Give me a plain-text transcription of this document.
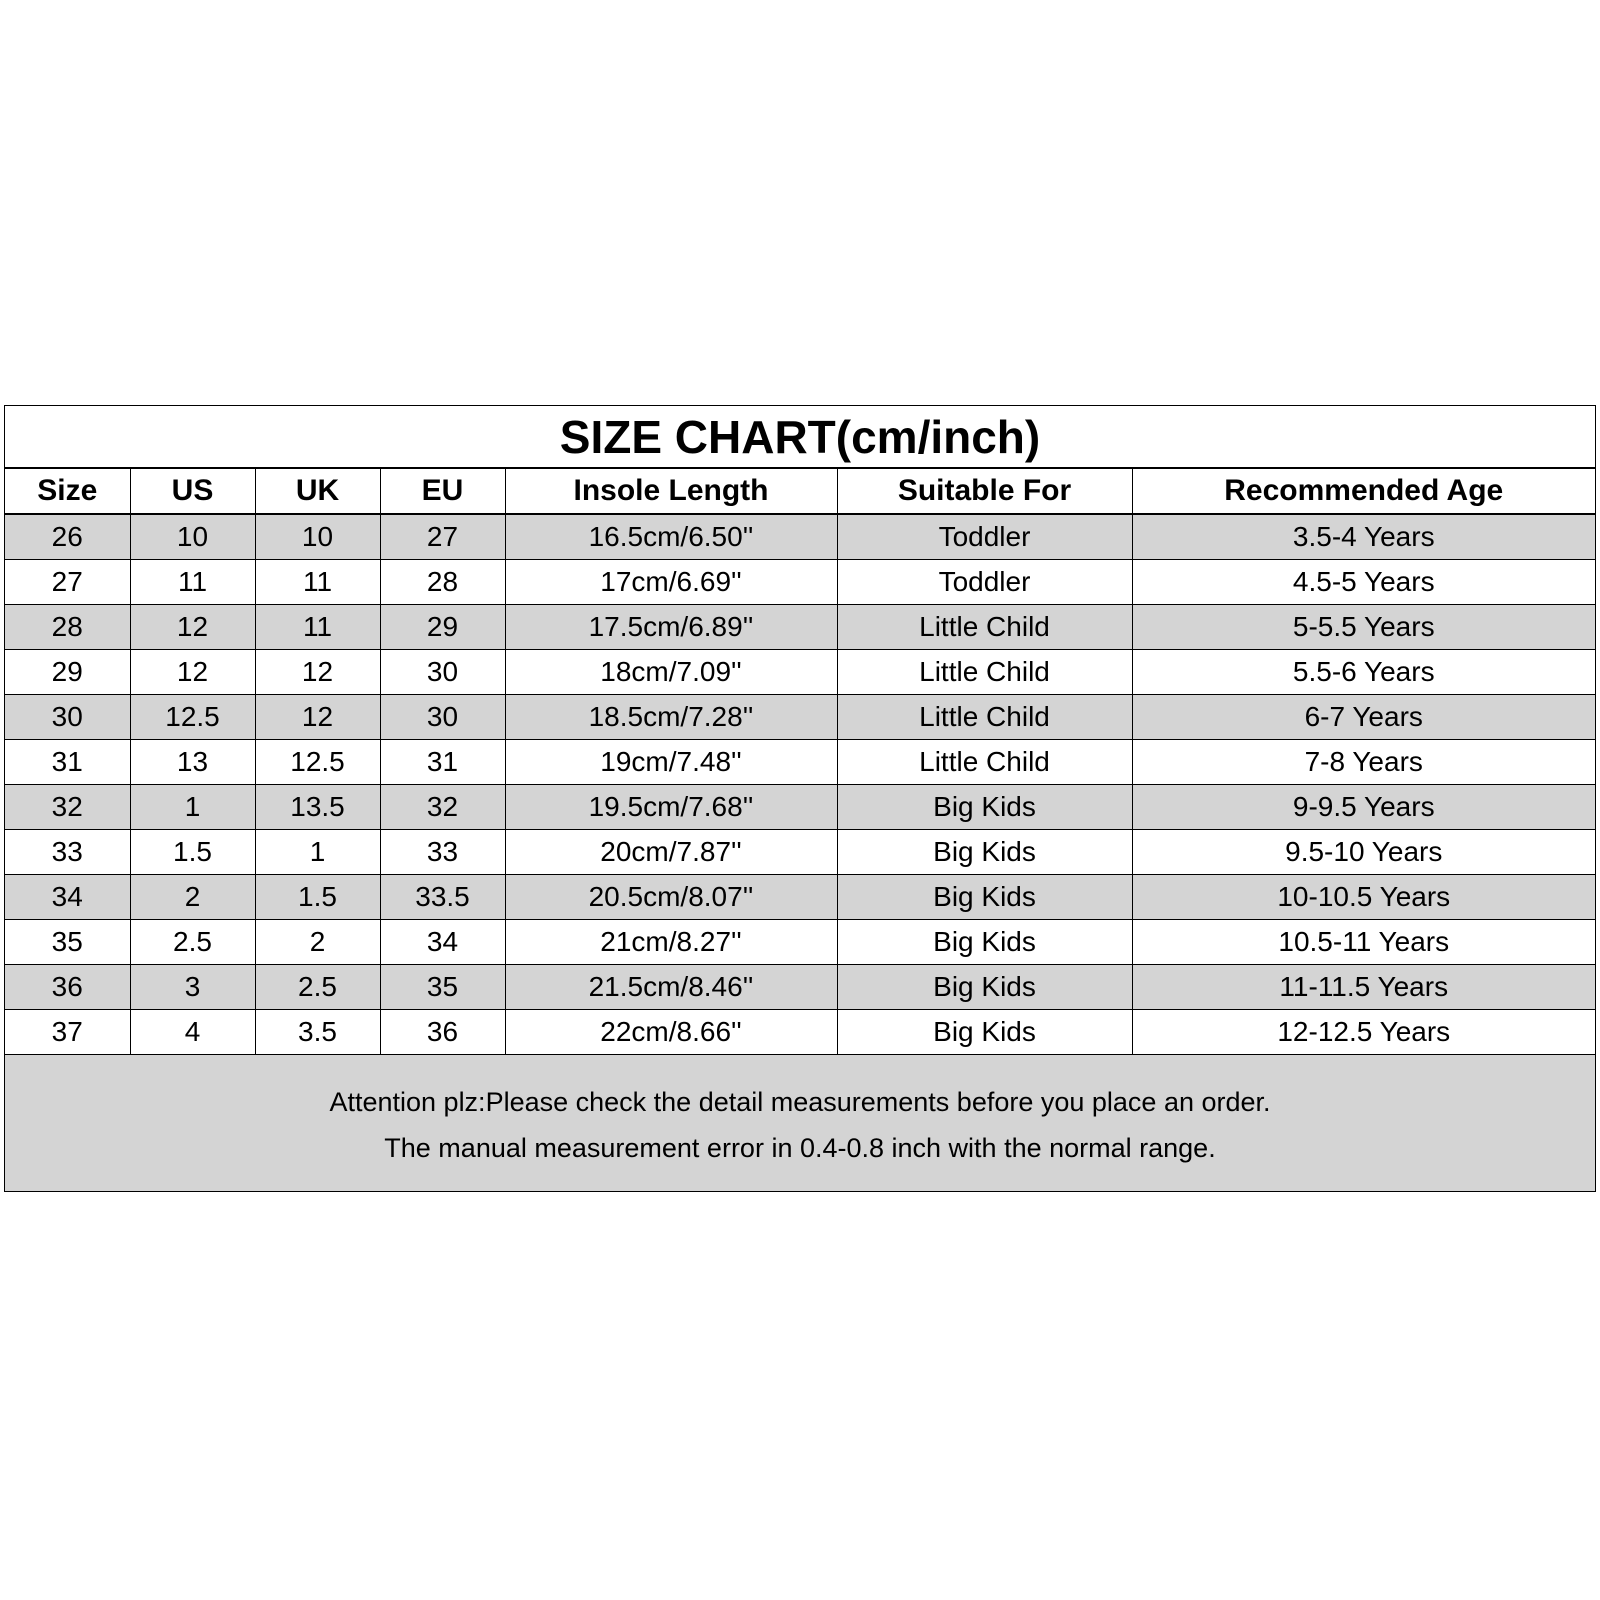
SIZE CHART(cm/inch)
Size	US	UK	EU	Insole Length	Suitable For	Recommended Age
26	10	10	27	16.5cm/6.50''	Toddler	3.5-4 Years
27	11	11	28	17cm/6.69''	Toddler	4.5-5 Years
28	12	11	29	17.5cm/6.89''	Little Child	5-5.5 Years
29	12	12	30	18cm/7.09''	Little Child	5.5-6 Years
30	12.5	12	30	18.5cm/7.28''	Little Child	6-7 Years
31	13	12.5	31	19cm/7.48''	Little Child	7-8 Years
32	1	13.5	32	19.5cm/7.68''	Big Kids	9-9.5 Years
33	1.5	1	33	20cm/7.87''	Big Kids	9.5-10 Years
34	2	1.5	33.5	20.5cm/8.07''	Big Kids	10-10.5 Years
35	2.5	2	34	21cm/8.27''	Big Kids	10.5-11 Years
36	3	2.5	35	21.5cm/8.46''	Big Kids	11-11.5 Years
37	4	3.5	36	22cm/8.66''	Big Kids	12-12.5 Years
Attention plz:Please check the detail measurements before you place an order.
The manual measurement error in 0.4-0.8 inch with the normal range.
